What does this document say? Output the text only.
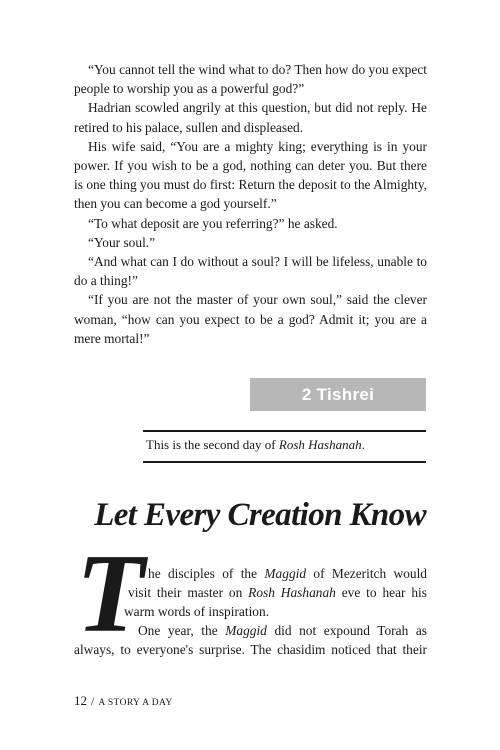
“You cannot tell the wind what to do? Then how do you expect people to worship you as a powerful god?”

Hadrian scowled angrily at this question, but did not reply. He retired to his palace, sullen and displeased.

His wife said, “You are a mighty king; everything is in your power. If you wish to be a god, nothing can deter you. But there is one thing you must do first: Return the deposit to the Almighty, then you can become a god yourself.”

“To what deposit are you referring?” he asked.

“Your soul.”

“And what can I do without a soul? I will be lifeless, unable to do a thing!”

“If you are not the master of your own soul,” said the clever woman, “how can you expect to be a god? Admit it; you are a mere mortal!”

2 Tishrei
This is the second day of Rosh Hashanah.
Let Every Creation Know
T he disciples of the Maggid of Mezeritch would
visit their master on Rosh Hashanah eve to hear his
warm words of inspiration.
One year, the Maggid did not expound Torah as
always, to everyone's surprise. The chasidim noticed that their
12 / A STORY A DAY
